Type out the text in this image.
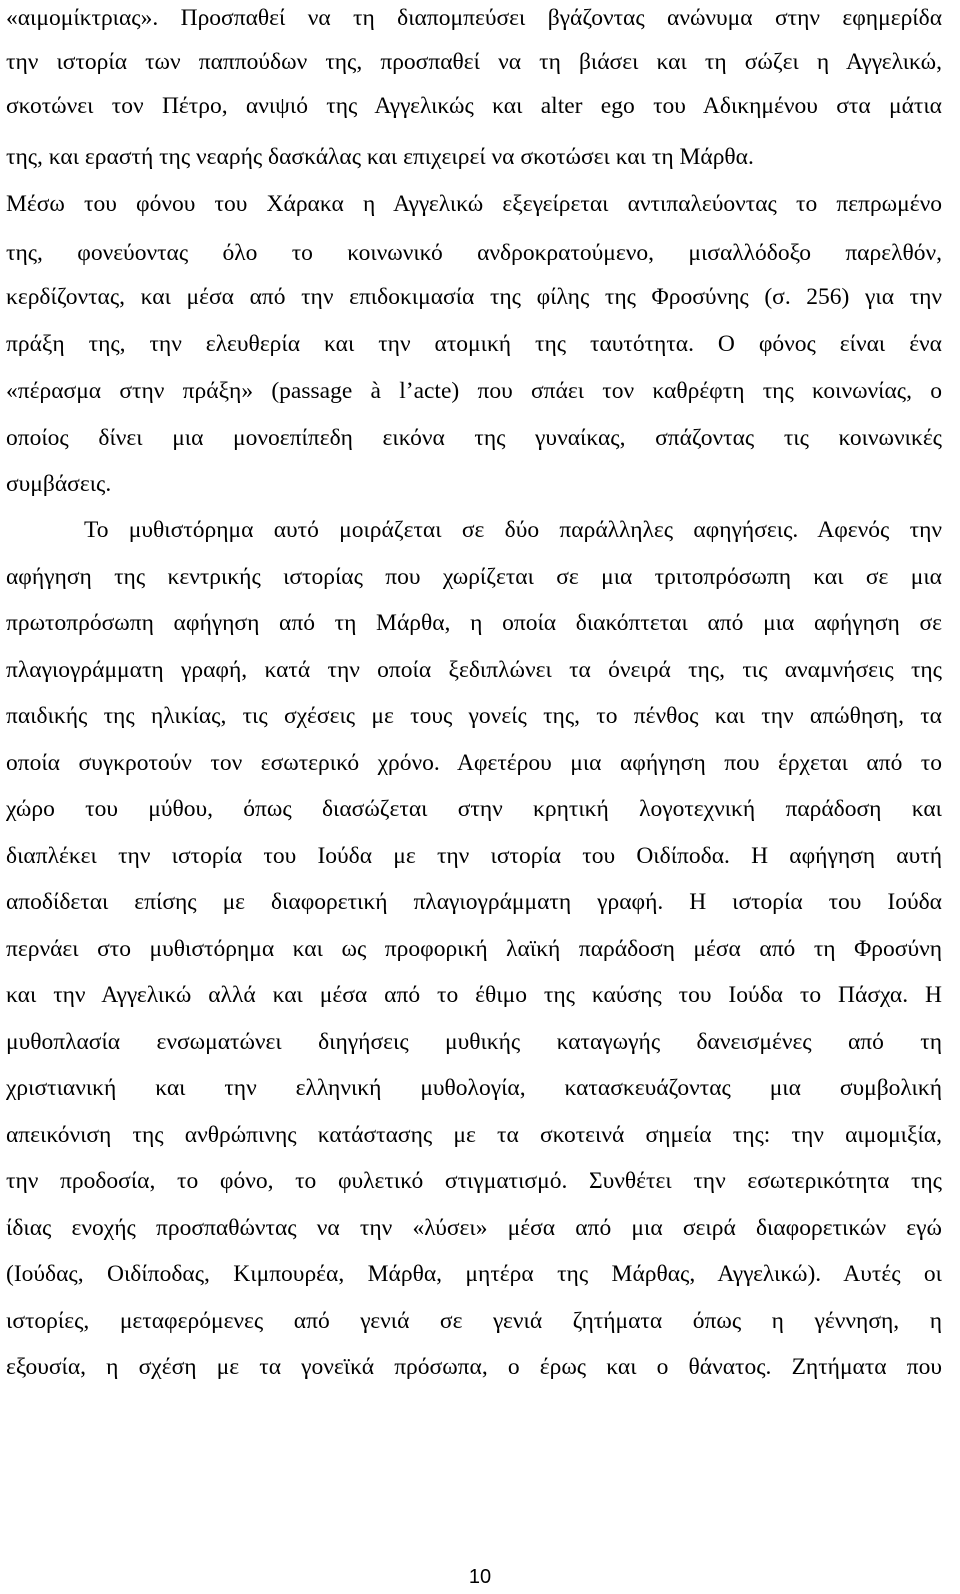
«αιμομίκτριας». Προσπαθεί να τη διαπομπεύσει βγάζοντας ανώνυμα στην εφημερίδα
την ιστορία των παππούδων της, προσπαθεί να τη βιάσει και τη σώζει η Αγγελικώ,
σκοτώνει τον Πέτρο, ανιψιό της Αγγελικώς και alter ego του Αδικημένου στα μάτια
της, και εραστή της νεαρής δασκάλας και επιχειρεί να σκοτώσει και τη Μάρθα.
Μέσω του φόνου του Χάρακα η Αγγελικώ εξεγείρεται αντιπαλεύοντας το πεπρωμένο
της, φονεύοντας όλο το κοινωνικό ανδροκρατούμενο, μισαλλόδοξο παρελθόν,
κερδίζοντας, και μέσα από την επιδοκιμασία της φίλης της Φροσύνης (σ. 256) για την
πράξη της, την ελευθερία και την ατομική της ταυτότητα. Ο φόνος είναι ένα
«πέρασμα στην πράξη» (passage à l’acte) που σπάει τον καθρέφτη της κοινωνίας, ο
οποίος δίνει μια μονοεπίπεδη εικόνα της γυναίκας, σπάζοντας τις κοινωνικές
συμβάσεις.
Το μυθιστόρημα αυτό μοιράζεται σε δύο παράλληλες αφηγήσεις. Αφενός την
αφήγηση της κεντρικής ιστορίας που χωρίζεται σε μια τριτοπρόσωπη και σε μια
πρωτοπρόσωπη αφήγηση από τη Μάρθα, η οποία διακόπτεται από μια αφήγηση σε
πλαγιογράμματη γραφή, κατά την οποία ξεδιπλώνει τα όνειρά της, τις αναμνήσεις της
παιδικής της ηλικίας, τις σχέσεις με τους γονείς της, το πένθος και την απώθηση, τα
οποία συγκροτούν τον εσωτερικό χρόνο. Αφετέρου μια αφήγηση που έρχεται από το
χώρο του μύθου, όπως διασώζεται στην κρητική λογοτεχνική παράδοση και
διαπλέκει την ιστορία του Ιούδα με την ιστορία του Οιδίποδα. Η αφήγηση αυτή
αποδίδεται επίσης με διαφορετική πλαγιογράμματη γραφή. Η ιστορία του Ιούδα
περνάει στο μυθιστόρημα και ως προφορική λαϊκή παράδοση μέσα από τη Φροσύνη
και την Αγγελικώ αλλά και μέσα από το έθιμο της καύσης του Ιούδα το Πάσχα. Η
μυθοπλασία ενσωματώνει διηγήσεις μυθικής καταγωγής δανεισμένες από τη
χριστιανική και την ελληνική μυθολογία, κατασκευάζοντας μια συμβολική
απεικόνιση της ανθρώπινης κατάστασης με τα σκοτεινά σημεία της: την αιμομιξία,
την προδοσία, το φόνο, το φυλετικό στιγματισμό. Συνθέτει την εσωτερικότητα της
ίδιας ενοχής προσπαθώντας να την «λύσει» μέσα από μια σειρά διαφορετικών εγώ
(Ιούδας, Οιδίποδας, Κιμπουρέα, Μάρθα, μητέρα της Μάρθας, Αγγελικώ). Αυτές οι
ιστορίες, μεταφερόμενες από γενιά σε γενιά ζητήματα όπως η γέννηση, η
εξουσία, η σχέση με τα γονεϊκά πρόσωπα, ο έρως και ο θάνατος. Ζητήματα που
10
